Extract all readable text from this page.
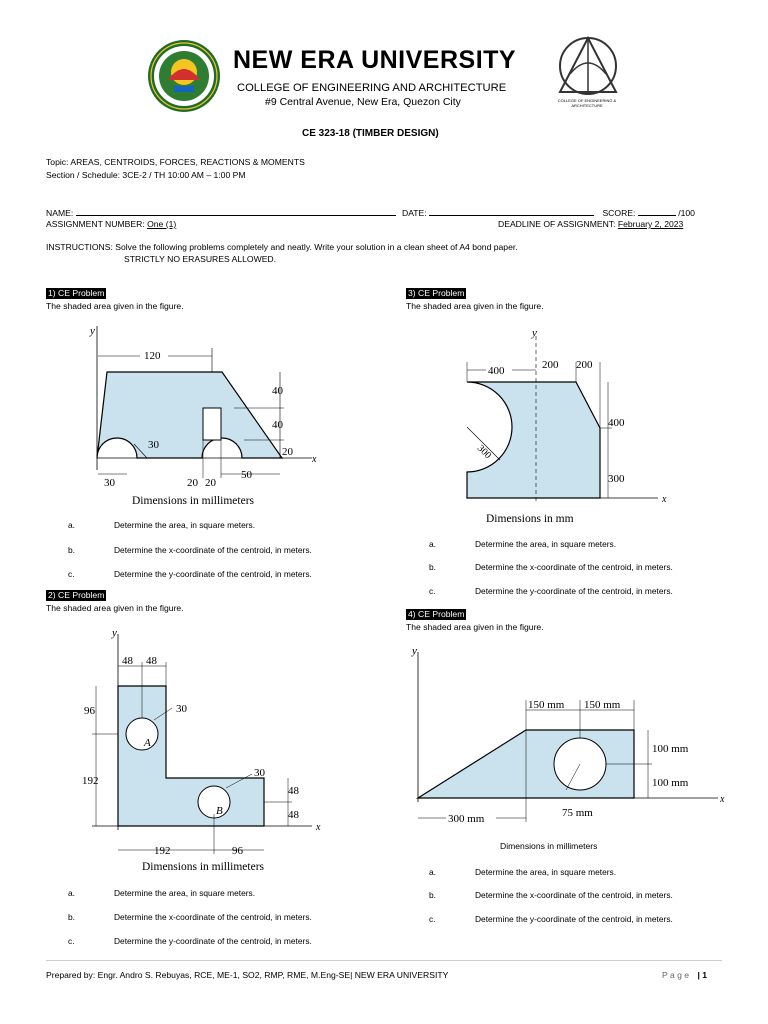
NEW ERA UNIVERSITY
COLLEGE OF ENGINEERING AND ARCHITECTURE
#9 Central Avenue, New Era, Quezon City	COLLEGE OF ENGINEERING & ARCHITECTURE
CE 323-18 (TIMBER DESIGN)
Topic: AREAS, CENTROIDS, FORCES, REACTIONS & MOMENTS
Section / Schedule: 3CE-2 / TH 10:00 AM – 1:00 PM
NAME:	DATE:	SCORE:	/100
ASSIGNMENT NUMBER: One (1)	DEADLINE OF ASSIGNMENT: February 2, 2023
INSTRUCTIONS: Solve the following problems completely and neatly. Write your solution in a clean sheet of A4 bond paper.
STRICTLY NO ERASURES ALLOWED.
1) CE Problem
The shaded area given in the figure.
y
x
120
40
40
20
30
30	20 20
50
Dimensions in millimeters
a.	Determine the area, in square meters.
b.	Determine the x-coordinate of the centroid, in meters.
c.	Determine the y-coordinate of the centroid, in meters.
2) CE Problem
The shaded area given in the figure.
y
x
48 48
96
192
30
A
30
B
48
48
192	96
Dimensions in millimeters
a.	Determine the area, in square meters.
b.	Determine the x-coordinate of the centroid, in meters.
c.	Determine the y-coordinate of the centroid, in meters.
3) CE Problem
The shaded area given in the figure.
y
x
400	200 200
400
300
300
Dimensions in mm
a.	Determine the area, in square meters.
b.	Determine the x-coordinate of the centroid, in meters.
c.	Determine the y-coordinate of the centroid, in meters.
4) CE Problem
The shaded area given in the figure.
y
x
150 mm 150 mm
100 mm
100 mm
300 mm	75 mm
Dimensions in millimeters
a.	Determine the area, in square meters.
b.	Determine the x-coordinate of the centroid, in meters.
c.	Determine the y-coordinate of the centroid, in meters.
Prepared by: Engr. Andro S. Rebuyas, RCE, ME-1, SO2, RMP, RME, M.Eng-SE| NEW ERA UNIVERSITY	P a g e | 1
